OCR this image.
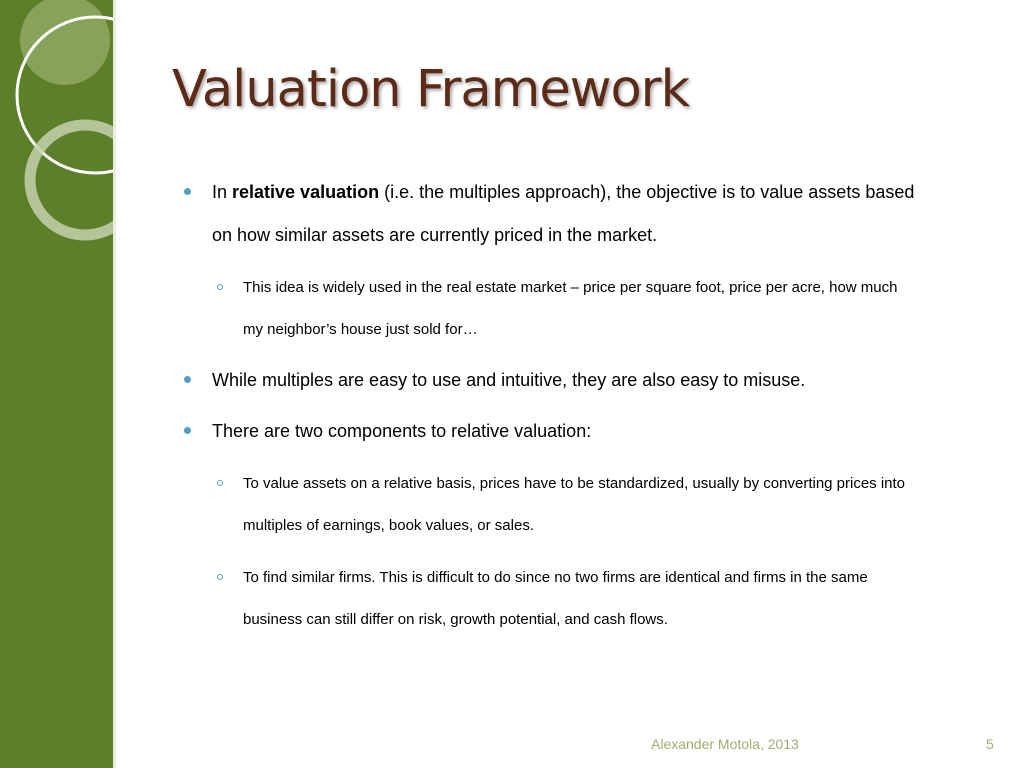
Valuation Framework
In relative valuation (i.e. the multiples approach), the objective is to value assets based
on how similar assets are currently priced in the market.
This idea is widely used in the real estate market – price per square foot, price per acre, how much
my neighbor’s house just sold for…
While multiples are easy to use and intuitive, they are also easy to misuse.
There are two components to relative valuation:
To value assets on a relative basis, prices have to be standardized, usually by converting prices into
multiples of earnings, book values, or sales.
To find similar firms. This is difficult to do since no two firms are identical and firms in the same
business can still differ on risk, growth potential, and cash flows.
Alexander Motola, 2013	5
